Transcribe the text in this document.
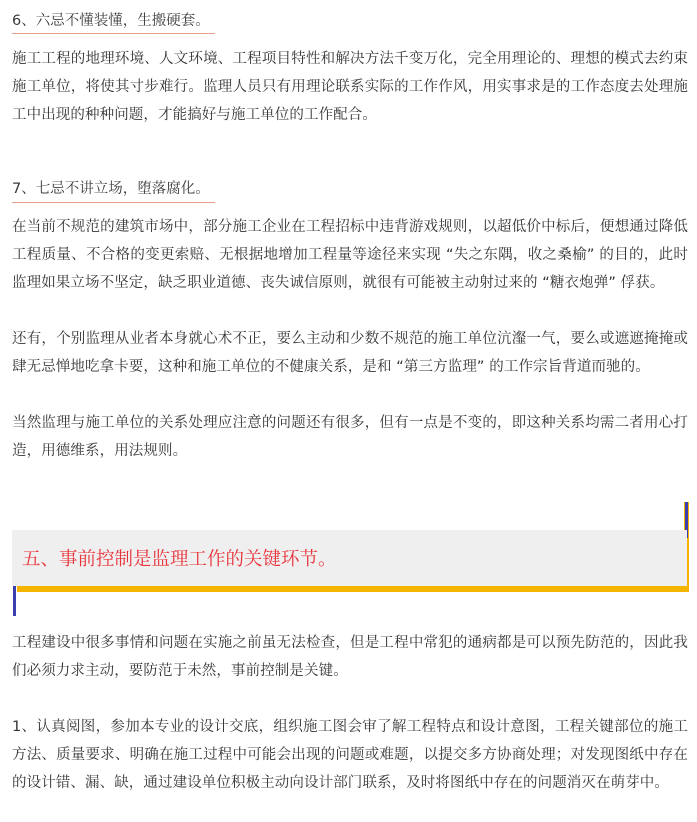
6、六忌不懂装懂，生搬硬套。
施工工程的地理环境、人文环境、工程项目特性和解决方法千变万化，完全用理论的、理想的模式去约束施工单位，将使其寸步难行。监理人员只有用理论联系实际的工作作风，用实事求是的工作态度去处理施工中出现的种种问题，才能搞好与施工单位的工作配合。
7、七忌不讲立场，堕落腐化。
在当前不规范的建筑市场中，部分施工企业在工程招标中违背游戏规则，以超低价中标后，便想通过降低工程质量、不合格的变更索赔、无根据地增加工程量等途径来实现 “失之东隅，收之桑榆” 的目的，此时监理如果立场不坚定，缺乏职业道德、丧失诚信原则，就很有可能被主动射过来的 “糖衣炮弹” 俘获。
还有，个别监理从业者本身就心术不正，要么主动和少数不规范的施工单位沆瀣一气，要么或遮遮掩掩或肆无忌惮地吃拿卡要，这种和施工单位的不健康关系，是和 “第三方监理” 的工作宗旨背道而驰的。
当然监理与施工单位的关系处理应注意的问题还有很多，但有一点是不变的，即这种关系均需二者用心打造，用德维系，用法规则。
五、事前控制是监理工作的关键环节。
工程建设中很多事情和问题在实施之前虽无法检查，但是工程中常犯的通病都是可以预先防范的，因此我们必须力求主动，要防范于未然，事前控制是关键。
1、认真阅图，参加本专业的设计交底，组织施工图会审了解工程特点和设计意图，工程关键部位的施工方法、质量要求、明确在施工过程中可能会出现的问题或难题，以提交多方协商处理；对发现图纸中存在的设计错、漏、缺，通过建设单位积极主动向设计部门联系，及时将图纸中存在的问题消灭在萌芽中。
